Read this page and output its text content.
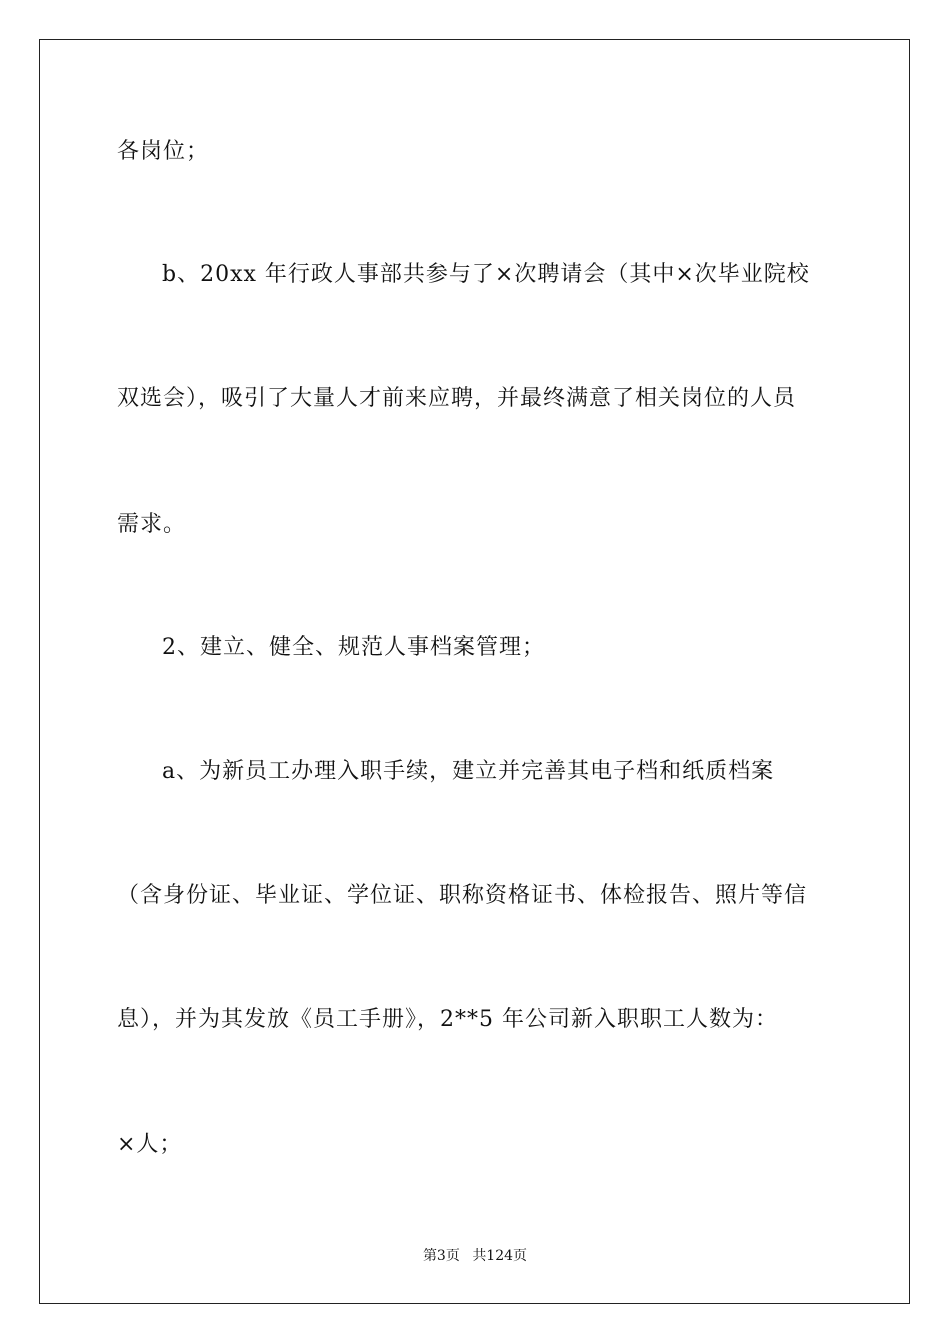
各岗位；
b、20xx 年行政人事部共参与了×次聘请会（其中×次毕业院校
双选会），吸引了大量人才前来应聘，并最终满意了相关岗位的人员
需求。
2、建立、健全、规范人事档案管理；
a、为新员工办理入职手续，建立并完善其电子档和纸质档案
（含身份证、毕业证、学位证、职称资格证书、体检报告、照片等信
息），并为其发放《员工手册》，2**5 年公司新入职职工人数为：
×人；
第3页 共124页
